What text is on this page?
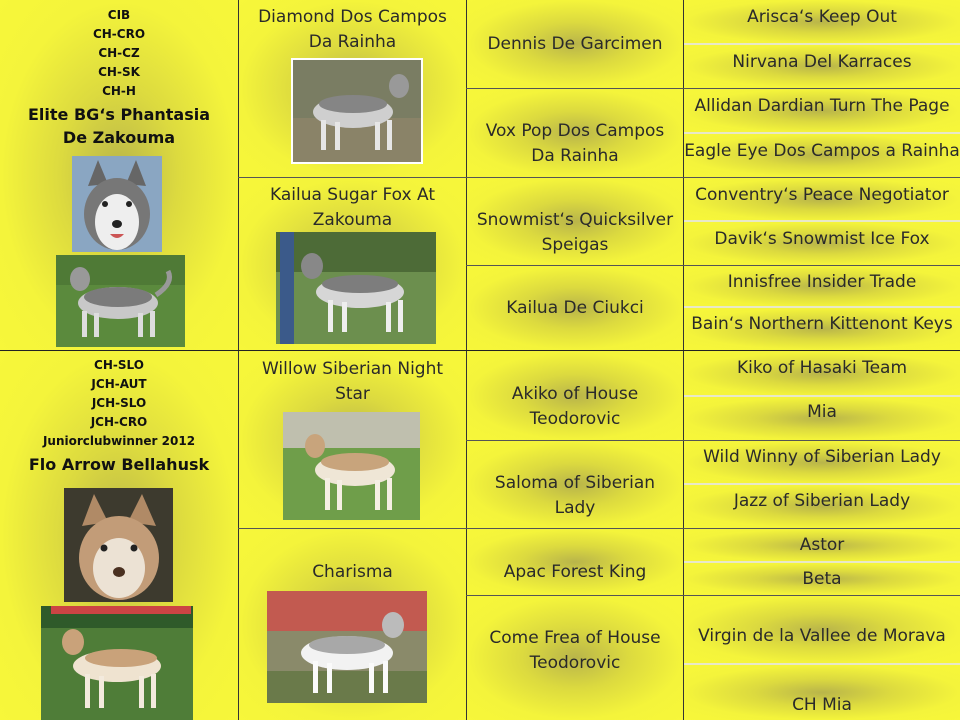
CIB
CH-CRO
CH-CZ
CH-SK
CH-H
Elite BG‘s Phantasia
De Zakouma
Diamond Dos Campos
Da Rainha
Kailua Sugar Fox At
Zakouma
Dennis De Garcimen
Vox Pop Dos Campos
Da Rainha
Snowmist‘s Quicksilver
Speigas
Kailua De Ciukci
Arisca‘s Keep Out
Nirvana Del Karraces
Allidan Dardian Turn The Page
Eagle Eye Dos Campos a Rainha
Conventry‘s Peace Negotiator
Davik‘s Snowmist Ice Fox
Innisfree Insider Trade
Bain‘s Northern Kittenont Keys
CH-SLO
JCH-AUT
JCH-SLO
JCH-CRO
Juniorclubwinner 2012
Flo Arrow Bellahusk
Willow Siberian Night
Star
Charisma
Akiko of House
Teodorovic
Saloma of Siberian
Lady
Apac Forest King
Come Frea of House
Teodorovic
Kiko of Hasaki Team
Mia
Wild Winny of Siberian Lady
Jazz of Siberian Lady
Astor
Beta
Virgin de la Vallee de Morava
CH Mia
